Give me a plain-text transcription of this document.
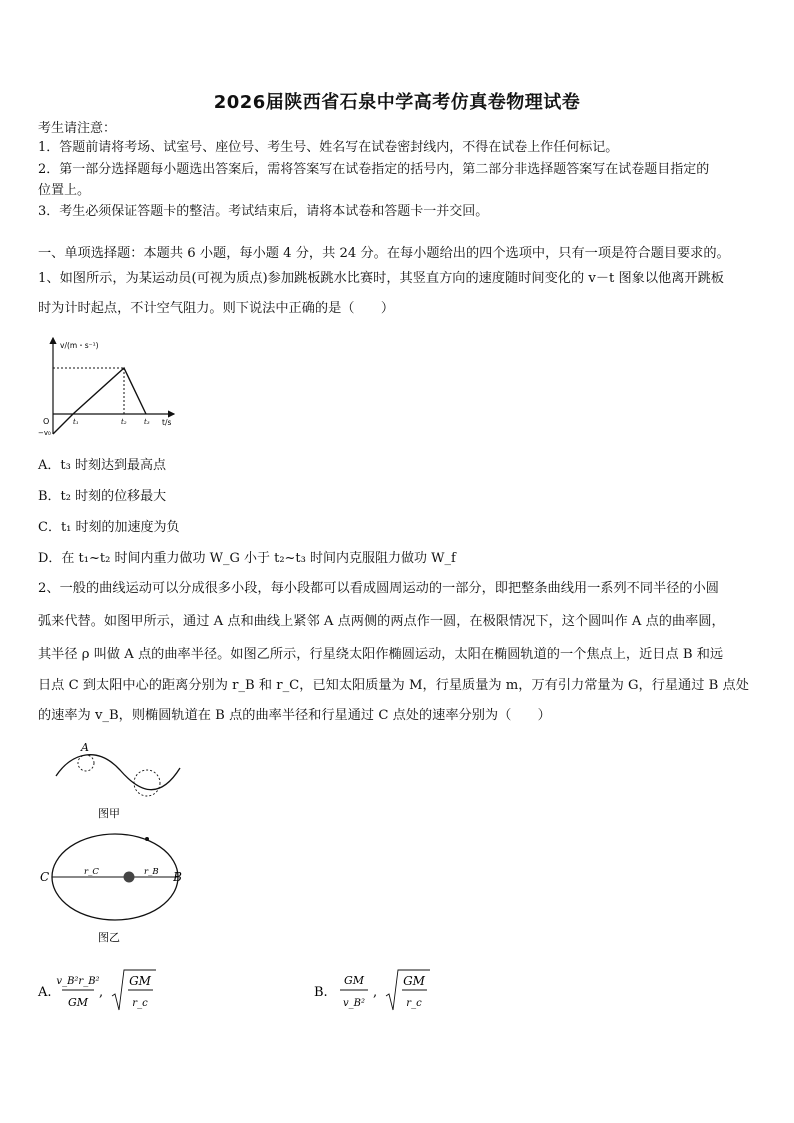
2026届陕西省石泉中学高考仿真卷物理试卷
考生请注意：
1．答题前请将考场、试室号、座位号、考生号、姓名写在试卷密封线内，不得在试卷上作任何标记。
2．第一部分选择题每小题选出答案后，需将答案写在试卷指定的括号内，第二部分非选择题答案写在试卷题目指定的
位置上。
3．考生必须保证答题卡的整洁。考试结束后，请将本试卷和答题卡一并交回。
一、单项选择题：本题共 6 小题，每小题 4 分，共 24 分。在每小题给出的四个选项中，只有一项是符合题目要求的。
1、如图所示，为某运动员(可视为质点)参加跳板跳水比赛时，其竖直方向的速度随时间变化的 v－t 图象以他离开跳板
时为计时起点，不计空气阻力。则下说法中正确的是（　　）
v/(m・s⁻¹)
t/s
O
−v₀
t₁	t₂ t₃
A．t₃ 时刻达到最高点
B．t₂ 时刻的位移最大
C．t₁ 时刻的加速度为负
D．在 t₁~t₂ 时间内重力做功 W_G 小于 t₂~t₃ 时间内克服阻力做功 W_f
2、一般的曲线运动可以分成很多小段，每小段都可以看成圆周运动的一部分，即把整条曲线用一系列不同半径的小圆
弧来代替。如图甲所示，通过 A 点和曲线上紧邻 A 点两侧的两点作一圆，在极限情况下，这个圆叫作 A 点的曲率圆，
其半径 ρ 叫做 A 点的曲率半径。如图乙所示，行星绕太阳作椭圆运动，太阳在椭圆轨道的一个焦点上，近日点 B 和远
日点 C 到太阳中心的距离分别为 r_B 和 r_C，已知太阳质量为 M，行星质量为 m，万有引力常量为 G，行星通过 B 点处
的速率为 v_B，则椭圆轨道在 B 点的曲率半径和行星通过 C 点处的速率分别为（　　）
A
图甲
C	B
r_C	r_B
图乙
A.
v_B²r_B²
GM
,
GM
r_c
B.
GM
v_B²
,
GM
r_c
